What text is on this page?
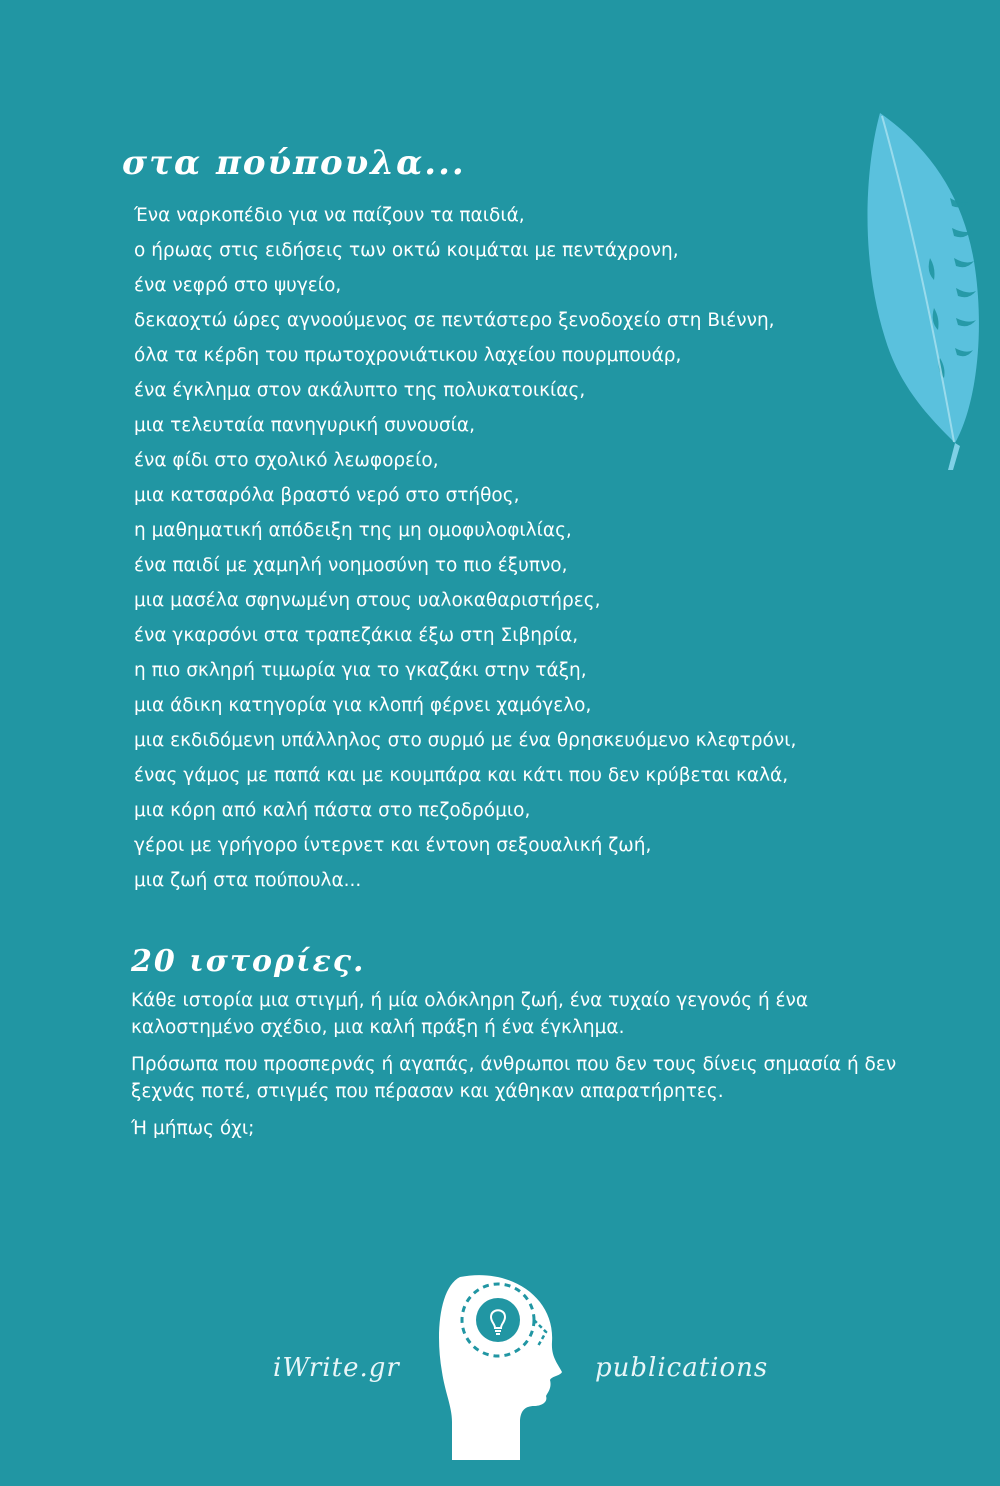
στα πούπουλα...
Ένα ναρκοπέδιο για να παίζουν τα παιδιά,
ο ήρωας στις ειδήσεις των οκτώ κοιμάται με πεντάχρονη,
ένα νεφρό στο ψυγείο,
δεκαοχτώ ώρες αγνοούμενος σε πεντάστερο ξενοδοχείο στη Βιέννη,
όλα τα κέρδη του πρωτοχρονιάτικου λαχείου πουρμπουάρ,
ένα έγκλημα στον ακάλυπτο της πολυκατοικίας,
μια τελευταία πανηγυρική συνουσία,
ένα φίδι στο σχολικό λεωφορείο,
μια κατσαρόλα βραστό νερό στο στήθος,
η μαθηματική απόδειξη της μη ομοφυλοφιλίας,
ένα παιδί με χαμηλή νοημοσύνη το πιο έξυπνο,
μια μασέλα σφηνωμένη στους υαλοκαθαριστήρες,
ένα γκαρσόνι στα τραπεζάκια έξω στη Σιβηρία,
η πιο σκληρή τιμωρία για το γκαζάκι στην τάξη,
μια άδικη κατηγορία για κλοπή φέρνει χαμόγελο,
μια εκδιδόμενη υπάλληλος στο συρμό με ένα θρησκευόμενο κλεφτρόνι,
ένας γάμος με παπά και με κουμπάρα και κάτι που δεν κρύβεται καλά,
μια κόρη από καλή πάστα στο πεζοδρόμιο,
γέροι με γρήγορο ίντερνετ και έντονη σεξουαλική ζωή,
μια ζωή στα πούπουλα...
20 ιστορίες.

Κάθε ιστορία μια στιγμή, ή μία ολόκληρη ζωή, ένα τυχαίο γεγονός ή ένα καλοστημένο σχέδιο, μια καλή πράξη ή ένα έγκλημα.

Πρόσωπα που προσπερνάς ή αγαπάς, άνθρωποι που δεν τους δίνεις σημασία ή δεν ξεχνάς ποτέ, στιγμές που πέρασαν και χάθηκαν απαρατήρητες.

Ή μήπως όχι;

iWrite.gr	publications
